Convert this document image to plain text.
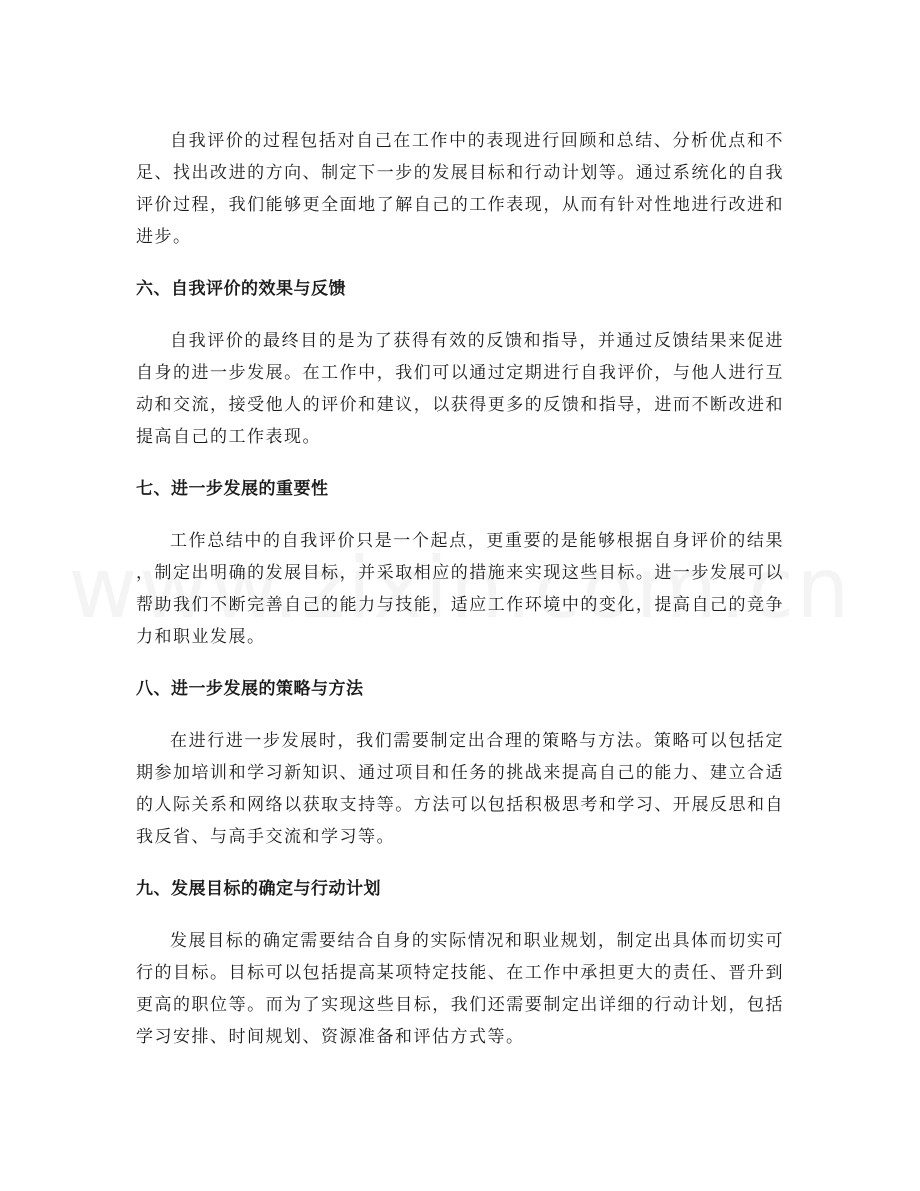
自我评价的过程包括对自己在工作中的表现进行回顾和总结、分析优点和不足、找出改进的方向、制定下一步的发展目标和行动计划等。通过系统化的自我评价过程，我们能够更全面地了解自己的工作表现，从而有针对性地进行改进和进步。

六、自我评价的效果与反馈

自我评价的最终目的是为了获得有效的反馈和指导，并通过反馈结果来促进自身的进一步发展。在工作中，我们可以通过定期进行自我评价，与他人进行互动和交流，接受他人的评价和建议，以获得更多的反馈和指导，进而不断改进和提高自己的工作表现。

七、进一步发展的重要性

工作总结中的自我评价只是一个起点，更重要的是能够根据自身评价的结果，制定出明确的发展目标，并采取相应的措施来实现这些目标。进一步发展可以帮助我们不断完善自己的能力与技能，适应工作环境中的变化，提高自己的竞争力和职业发展。

八、进一步发展的策略与方法

在进行进一步发展时，我们需要制定出合理的策略与方法。策略可以包括定期参加培训和学习新知识、通过项目和任务的挑战来提高自己的能力、建立合适的人际关系和网络以获取支持等。方法可以包括积极思考和学习、开展反思和自我反省、与高手交流和学习等。

九、发展目标的确定与行动计划

发展目标的确定需要结合自身的实际情况和职业规划，制定出具体而切实可行的目标。目标可以包括提高某项特定技能、在工作中承担更大的责任、晋升到更高的职位等。而为了实现这些目标，我们还需要制定出详细的行动计划，包括学习安排、时间规划、资源准备和评估方式等。
